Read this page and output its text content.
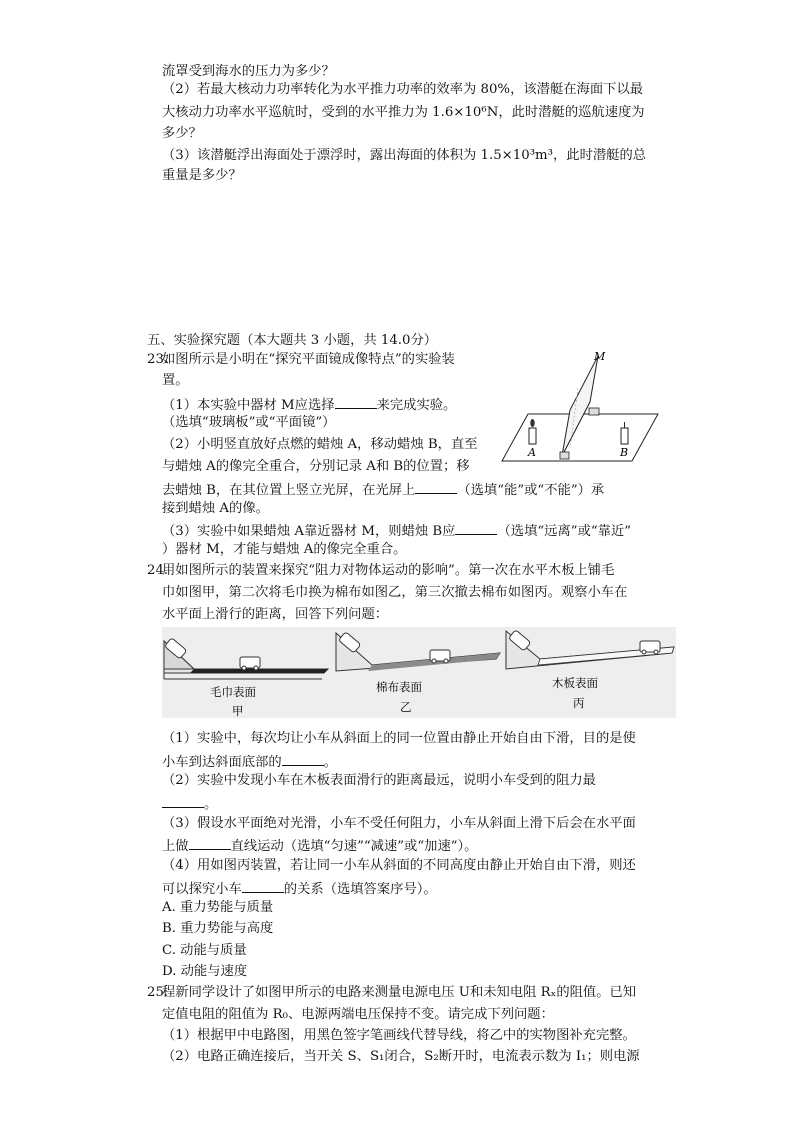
流罩受到海水的压力为多少？
（2）若最大核动力功率转化为水平推力功率的效率为 80%，该潜艇在海面下以最
大核动力功率水平巡航时，受到的水平推力为 1.6×10⁶N，此时潜艇的巡航速度为
多少？
（3）该潜艇浮出海面处于漂浮时，露出海面的体积为 1.5×10³m³，此时潜艇的总
重量是多少？
五、实验探究题（本大题共 3 小题，共 14.0分）
23.
如图所示是小明在“探究平面镜成像特点”的实验装
置。
（1）本实验中器材 M应选择	来完成实验。
（选填“玻璃板”或“平面镜”）
（2）小明竖直放好点燃的蜡烛 A，移动蜡烛 B，直至
与蜡烛 A的像完全重合，分别记录 A和 B的位置；移
去蜡烛 B，在其位置上竖立光屏，在光屏上	（选填“能”或“不能”）承
接到蜡烛 A的像。
（3）实验中如果蜡烛 A靠近器材 M，则蜡烛 B应	（选填“远离”或“靠近”
）器材 M，才能与蜡烛 A的像完全重合。
M
A	B
24.
用如图所示的装置来探究“阻力对物体运动的影响”。第一次在水平木板上铺毛
巾如图甲，第二次将毛巾换为棉布如图乙，第三次撤去棉布如图丙。观察小车在
水平面上滑行的距离，回答下列问题：
毛巾表面
甲
棉布表面
乙
木板表面
丙
（1）实验中，每次均让小车从斜面上的同一位置由静止开始自由下滑，目的是使
小车到达斜面底部的	。
（2）实验中发现小车在木板表面滑行的距离最远，说明小车受到的阻力最
。
（3）假设水平面绝对光滑，小车不受任何阻力，小车从斜面上滑下后会在水平面
上做	直线运动（选填“匀速”“减速”或“加速”）。
（4）用如图丙装置，若让同一小车从斜面的不同高度由静止开始自由下滑，则还
可以探究小车	的关系（选填答案序号）。
A. 重力势能与质量
B. 重力势能与高度
C. 动能与质量
D. 动能与速度
25.
程新同学设计了如图甲所示的电路来测量电源电压 U和未知电阻 Rₓ的阻值。已知
定值电阻的阻值为 R₀、电源两端电压保持不变。请完成下列问题：
（1）根据甲中电路图，用黑色签字笔画线代替导线，将乙中的实物图补充完整。
（2）电路正确连接后，当开关 S、S₁闭合，S₂断开时，电流表示数为 I₁；则电源
